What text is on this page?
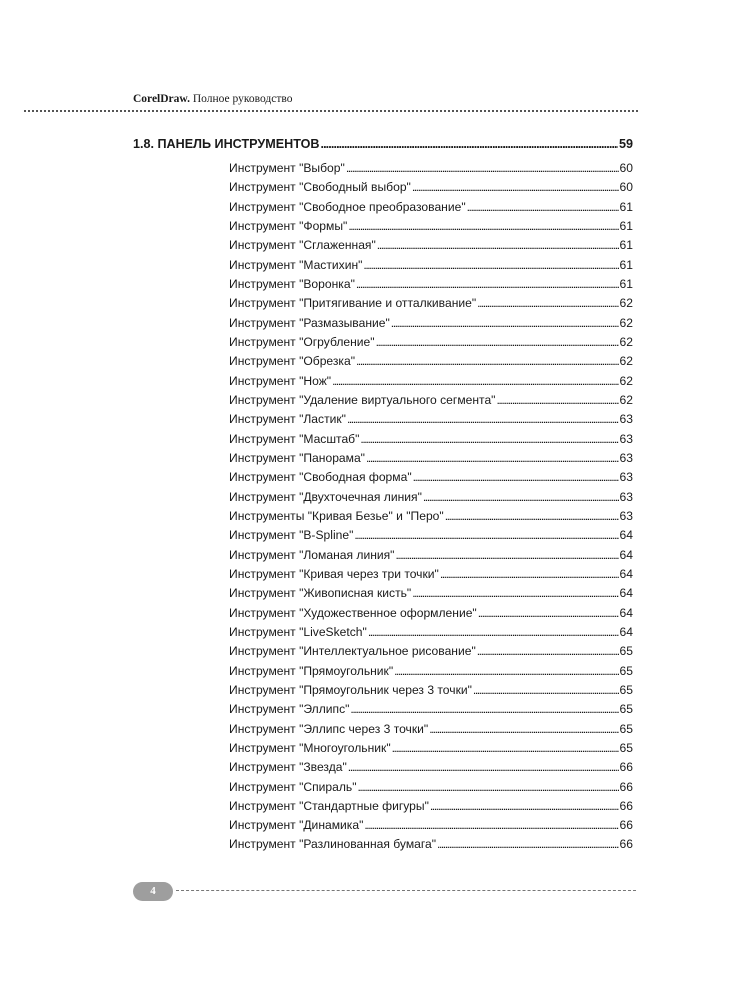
CorelDraw. Полное руководство
1.8. ПАНЕЛЬ ИНСТРУМЕНТОВ . . .	59
Инструмент "Выбор" . . .	60
Инструмент "Свободный выбор" . . .	60
Инструмент "Свободное преобразование" . . .	61
Инструмент "Формы" . . .	61
Инструмент "Сглаженная" . . .	61
Инструмент "Мастихин" . . .	61
Инструмент "Воронка" . . .	61
Инструмент "Притягивание и отталкивание" . . .	62
Инструмент "Размазывание" . . .	62
Инструмент "Огрубление" . . .	62
Инструмент "Обрезка" . . .	62
Инструмент "Нож" . . .	62
Инструмент "Удаление виртуального сегмента" . . .	62
Инструмент "Ластик" . . .	63
Инструмент "Масштаб" . . .	63
Инструмент "Панорама" . . .	63
Инструмент "Свободная форма" . . .	63
Инструмент "Двухточечная линия" . . .	63
Инструменты "Кривая Безье" и "Перо" . . .	63
Инструмент "B-Spline" . . .	64
Инструмент "Ломаная линия" . . .	64
Инструмент "Кривая через три точки" . . .	64
Инструмент "Живописная кисть" . . .	64
Инструмент "Художественное оформление" . . .	64
Инструмент "LiveSketch" . . .	64
Инструмент "Интеллектуальное рисование" . . .	65
Инструмент "Прямоугольник" . . .	65
Инструмент "Прямоугольник через 3 точки" . . .	65
Инструмент "Эллипс" . . .	65
Инструмент "Эллипс через 3 точки" . . .	65
Инструмент "Многоугольник" . . .	65
Инструмент "Звезда" . . .	66
Инструмент "Спираль" . . .	66
Инструмент "Стандартные фигуры" . . .	66
Инструмент "Динамика" . . .	66
Инструмент "Разлинованная бумага" . . .	66
4
